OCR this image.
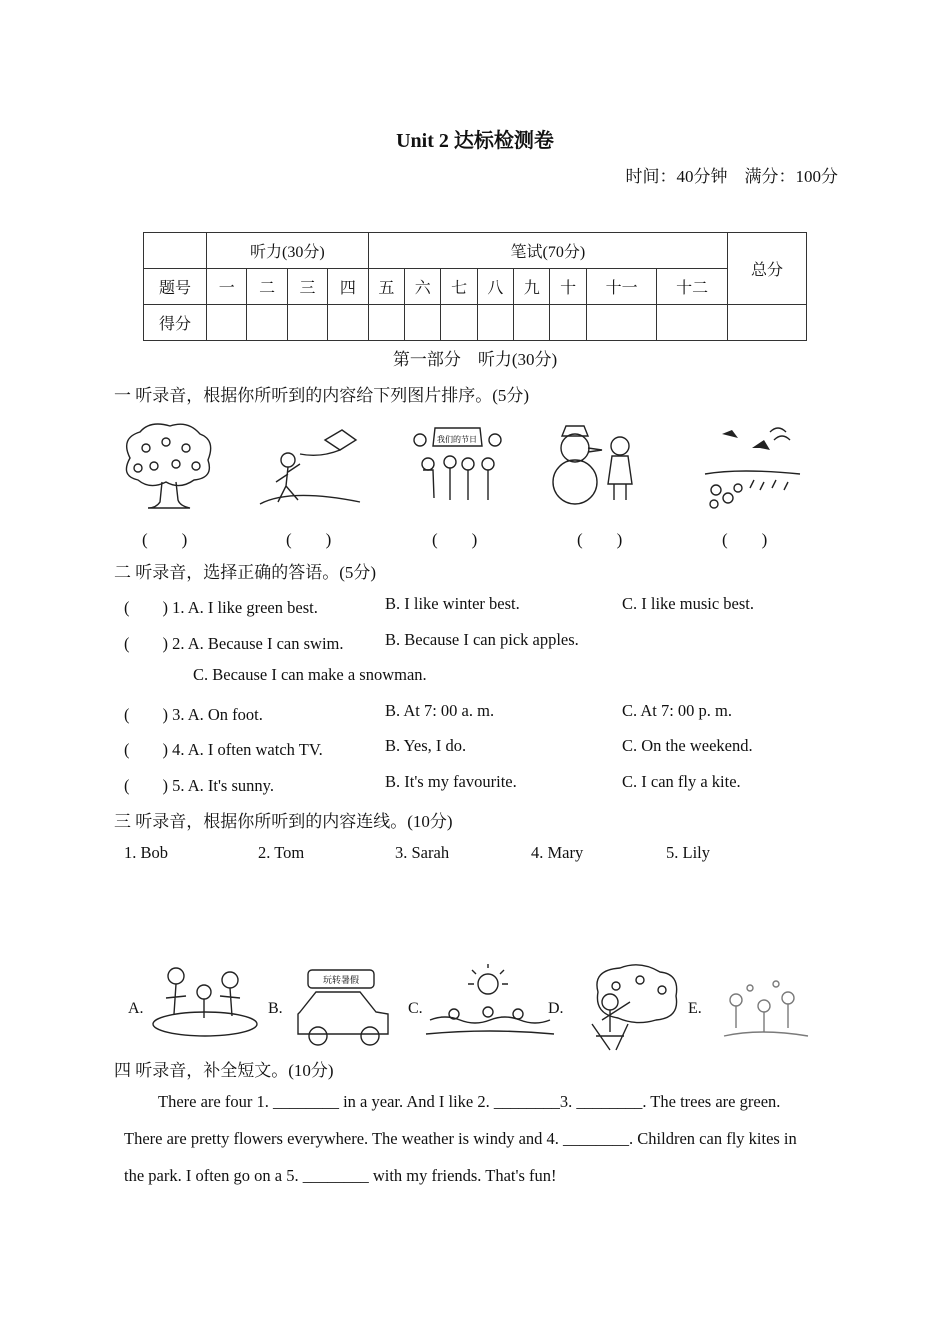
Unit 2 达标检测卷
时间：40分钟　满分：100分
	听力(30分)				笔试(70分)								总分
题号	一	二	三	四	五	六	七	八	九	十	十一	十二	
得分													
第一部分　听力(30分)
一 听录音，根据你所听到的内容给下列图片排序。(5分)
我们的节日
(　　)	(　　)	(　　)	(　　)	(　　)
二 听录音，选择正确的答语。(5分)
(　　) 1. A. I like green best.	B. I like winter best.	C. I like music best.
(　　) 2. A. Because I can swim.	B. Because I can pick apples.
C. Because I can make a snowman.
(　　) 3. A. On foot.	B. At 7: 00 a. m.	C. At 7: 00 p. m.
(　　) 4. A. I often watch TV.	B. Yes, I do.	C. On the weekend.
(　　) 5. A. It's sunny.	B. It's my favourite.	C. I can fly a kite.
三 听录音，根据你所听到的内容连线。(10分)
1. Bob	2. Tom	3. Sarah	4. Mary	5. Lily
A.	B.	C.	D.	E.
玩转暑假
四 听录音，补全短文。(10分)
There are four 1. ________ in a year. And I like 2. ________3. ________. The trees are green.
There are pretty flowers everywhere. The weather is windy and 4. ________. Children can fly kites in
the park. I often go on a 5. ________ with my friends. That's fun!
